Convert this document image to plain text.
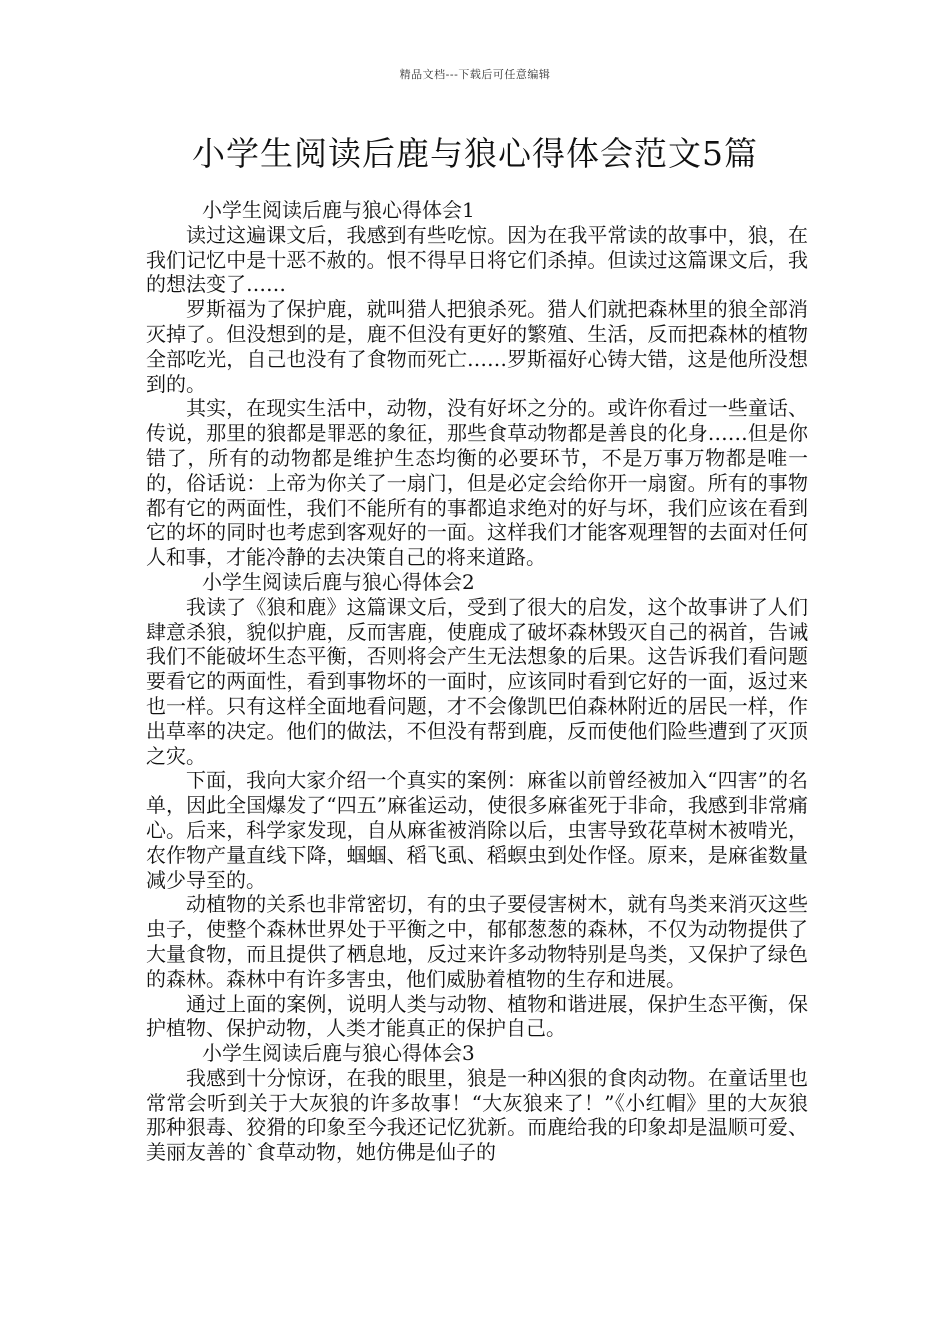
精品文档---下载后可任意编辑
小学生阅读后鹿与狼心得体会范文5篇

小学生阅读后鹿与狼心得体会1

读过这遍课文后，我感到有些吃惊。因为在我平常读的故事中，狼，在我们记忆中是十恶不赦的。恨不得早日将它们杀掉。但读过这篇课文后，我的想法变了……

罗斯福为了保护鹿，就叫猎人把狼杀死。猎人们就把森林里的狼全部消灭掉了。但没想到的是，鹿不但没有更好的繁殖、生活，反而把森林的植物全部吃光，自己也没有了食物而死亡……罗斯福好心铸大错，这是他所没想到的。

其实，在现实生活中，动物，没有好坏之分的。或许你看过一些童话、传说，那里的狼都是罪恶的象征，那些食草动物都是善良的化身……但是你错了，所有的动物都是维护生态均衡的必要环节，不是万事万物都是唯一的，俗话说：上帝为你关了一扇门，但是必定会给你开一扇窗。所有的事物都有它的两面性，我们不能所有的事都追求绝对的好与坏，我们应该在看到它的坏的同时也考虑到客观好的一面。这样我们才能客观理智的去面对任何人和事，才能冷静的去决策自己的将来道路。

小学生阅读后鹿与狼心得体会2

我读了《狼和鹿》这篇课文后，受到了很大的启发，这个故事讲了人们肆意杀狼，貌似护鹿，反而害鹿，使鹿成了破坏森林毁灭自己的祸首，告诫我们不能破坏生态平衡，否则将会产生无法想象的后果。这告诉我们看问题要看它的两面性，看到事物坏的一面时，应该同时看到它好的一面，返过来也一样。只有这样全面地看问题，才不会像凯巴伯森林附近的居民一样，作出草率的决定。他们的做法，不但没有帮到鹿，反而使他们险些遭到了灭顶之灾。

下面，我向大家介绍一个真实的案例：麻雀以前曾经被加入“四害”的名单，因此全国爆发了“四五”麻雀运动，使很多麻雀死于非命，我感到非常痛心。后来，科学家发现，自从麻雀被消除以后，虫害导致花草树木被啃光，农作物产量直线下降，蝈蝈、稻飞虱、稻螟虫到处作怪。原来，是麻雀数量减少导至的。

动植物的关系也非常密切，有的虫子要侵害树木，就有鸟类来消灭这些虫子，使整个森林世界处于平衡之中，郁郁葱葱的森林，不仅为动物提供了大量食物，而且提供了栖息地，反过来许多动物特别是鸟类，又保护了绿色的森林。森林中有许多害虫，他们威胁着植物的生存和进展。

通过上面的案例，说明人类与动物、植物和谐进展，保护生态平衡，保护植物、保护动物，人类才能真正的保护自己。

小学生阅读后鹿与狼心得体会3

我感到十分惊讶，在我的眼里，狼是一种凶狠的食肉动物。在童话里也常常会听到关于大灰狼的许多故事！“大灰狼来了！”《小红帽》里的大灰狼那种狠毒、狡猾的印象至今我还记忆犹新。而鹿给我的印象却是温顺可爱、美丽友善的`食草动物，她仿佛是仙子的
